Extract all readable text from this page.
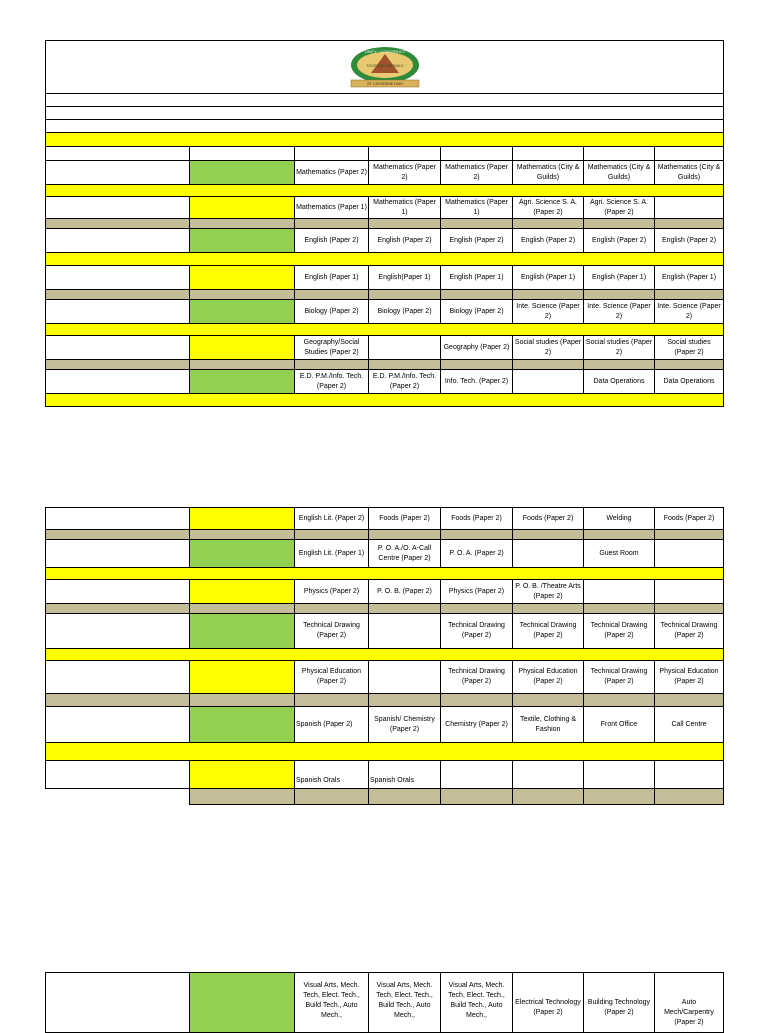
UNITY · CONSTRUCT
TOGETHER WE BUILD
ST. CATHERINE HIGH							

		Mathematics (Paper 2)	Mathematics (Paper 2)	Mathematics (Paper 2)	Mathematics (City & Guilds)	Mathematics (City & Guilds)	Mathematics (City & Guilds)

		Mathematics (Paper 1)	Mathematics (Paper 1)	Mathematics (Paper 1)	Agri. Science S. A. (Paper 2)	Agri. Science S. A. (Paper 2)	

		English (Paper 2)	English (Paper 2)	English (Paper 2)	English (Paper 2)	English (Paper 2)	English (Paper 2)

		English (Paper 1)	English(Paper 1)	English (Paper 1)	English (Paper 1)	English (Paper 1)	English (Paper 1)

		Biology (Paper 2)	Biology (Paper 2)	Biology (Paper 2)	Inte. Science (Paper 2)	Inte. Science (Paper 2)	Inte. Science (Paper 2)

		Geography/Social Studies (Paper 2)		Geography (Paper 2)	Social studies (Paper 2)	Social studies (Paper 2)	Social studies (Paper 2)

		E.D. P.M./Info. Tech. (Paper 2)	E.D. P.M./Info. Tech. (Paper 2)	Info. Tech. (Paper 2)		Data Operations	Data Operations

		English Lit. (Paper 2)	Foods (Paper 2)	Foods (Paper 2)	Foods (Paper 2)	Welding	Foods (Paper 2)

		English Lit. (Paper 1)	P. O. A./O. A-Call Centre (Paper 2)	P. O. A. (Paper 2)		Guest Room	

		Physics (Paper 2)	P. O. B. (Paper 2)	Physics (Paper 2)	P. O. B. /Theatre Arts (Paper 2)		

		Technical Drawing (Paper 2)		Technical Drawing (Paper 2)	Technical Drawing (Paper 2)	Technical Drawing (Paper 2)	Technical Drawing (Paper 2)

		Physical Education (Paper 2)		Technical Drawing (Paper 2)	Physical Education (Paper 2)	Technical Drawing (Paper 2)	Physical Education (Paper 2)

		Spanish (Paper 2)	Spanish/ Chemistry (Paper 2)	Chemistry (Paper 2)	Textile, Clothing & Fashion	Front Office	Call Centre

		Spanish Orals	Spanish Orals				

		Visual Arts, Mech. Tech, Elect. Tech., Build Tech., Auto Mech.,	Visual Arts, Mech. Tech, Elect. Tech., Build Tech., Auto Mech.,	Visual Arts, Mech. Tech, Elect. Tech., Build Tech., Auto Mech.,	Electrical Technology (Paper 2)	Building Technology (Paper 2)	Auto Mech/Carpentry (Paper 2)
